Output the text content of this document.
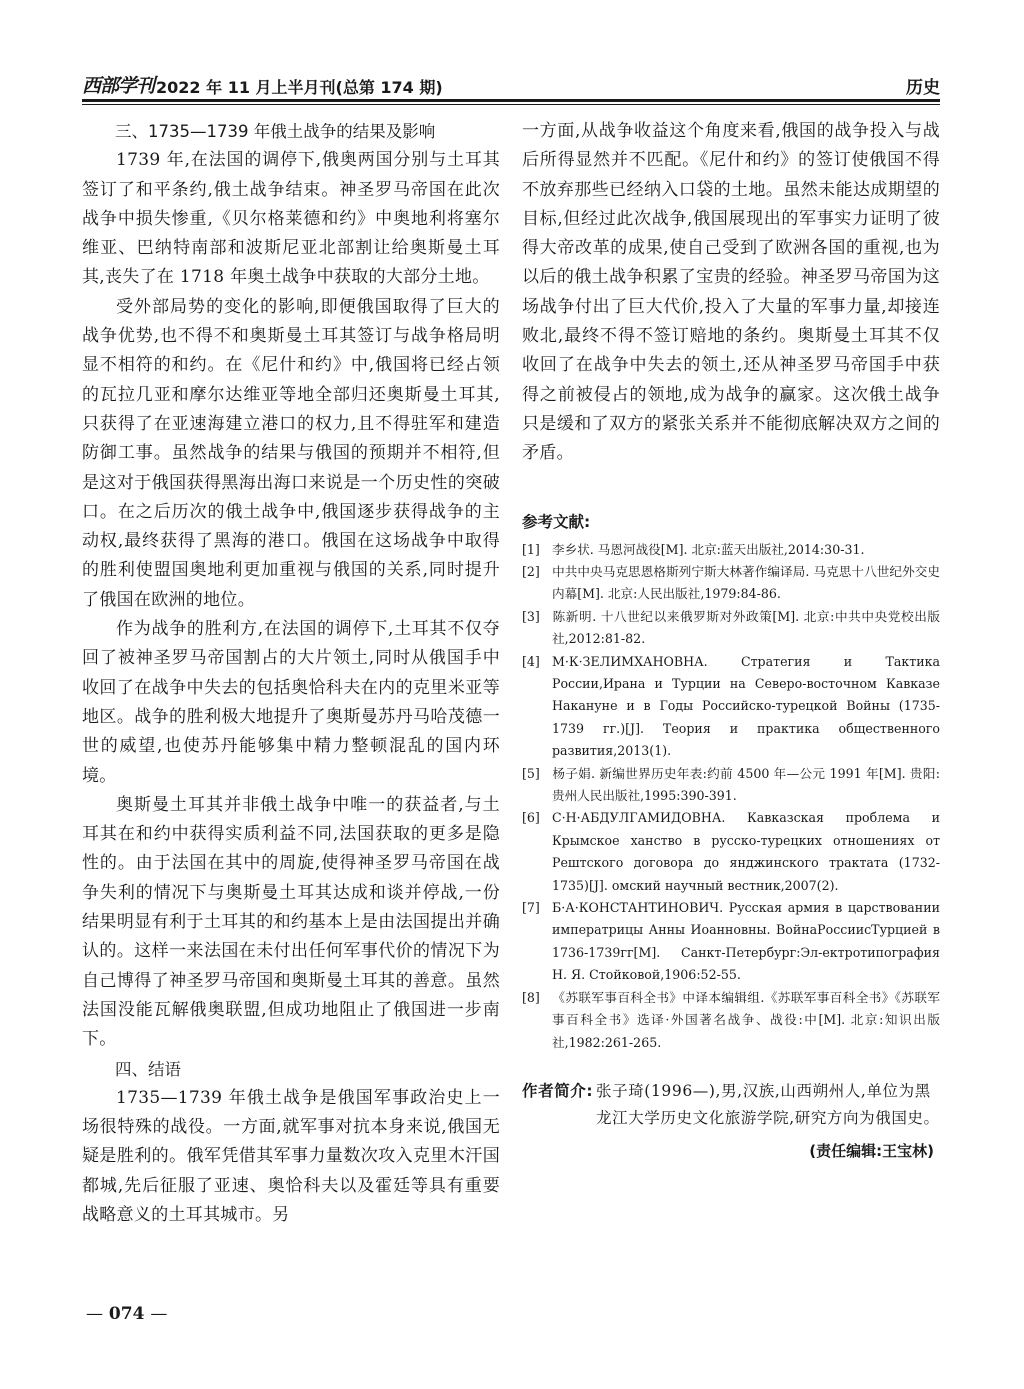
西部学刊 2022 年 11 月上半月刊(总第 174 期)	历史
三、1735—1739 年俄土战争的结果及影响

1739 年,在法国的调停下,俄奥两国分别与土耳其签订了和平条约,俄土战争结束。神圣罗马帝国在此次战争中损失惨重,《贝尔格莱德和约》中奥地利将塞尔维亚、巴纳特南部和波斯尼亚北部割让给奥斯曼土耳其,丧失了在 1718 年奥土战争中获取的大部分土地。

受外部局势的变化的影响,即便俄国取得了巨大的战争优势,也不得不和奥斯曼土耳其签订与战争格局明显不相符的和约。在《尼什和约》中,俄国将已经占领的瓦拉几亚和摩尔达维亚等地全部归还奥斯曼土耳其,只获得了在亚速海建立港口的权力,且不得驻军和建造防御工事。虽然战争的结果与俄国的预期并不相符,但是这对于俄国获得黑海出海口来说是一个历史性的突破口。在之后历次的俄土战争中,俄国逐步获得战争的主动权,最终获得了黑海的港口。俄国在这场战争中取得的胜利使盟国奥地利更加重视与俄国的关系,同时提升了俄国在欧洲的地位。

作为战争的胜利方,在法国的调停下,土耳其不仅夺回了被神圣罗马帝国割占的大片领土,同时从俄国手中收回了在战争中失去的包括奥恰科夫在内的克里米亚等地区。战争的胜利极大地提升了奥斯曼苏丹马哈茂德一世的威望,也使苏丹能够集中精力整顿混乱的国内环境。

奥斯曼土耳其并非俄土战争中唯一的获益者,与土耳其在和约中获得实质利益不同,法国获取的更多是隐性的。由于法国在其中的周旋,使得神圣罗马帝国在战争失利的情况下与奥斯曼土耳其达成和谈并停战,一份结果明显有利于土耳其的和约基本上是由法国提出并确认的。这样一来法国在未付出任何军事代价的情况下为自己博得了神圣罗马帝国和奥斯曼土耳其的善意。虽然法国没能瓦解俄奥联盟,但成功地阻止了俄国进一步南下。

四、结语

1735—1739 年俄土战争是俄国军事政治史上一场很特殊的战役。一方面,就军事对抗本身来说,俄国无疑是胜利的。俄军凭借其军事力量数次攻入克里木汗国都城,先后征服了亚速、奥恰科夫以及霍廷等具有重要战略意义的土耳其城市。另

一方面,从战争收益这个角度来看,俄国的战争投入与战后所得显然并不匹配。《尼什和约》的签订使俄国不得不放弃那些已经纳入口袋的土地。虽然未能达成期望的目标,但经过此次战争,俄国展现出的军事实力证明了彼得大帝改革的成果,使自己受到了欧洲各国的重视,也为以后的俄土战争积累了宝贵的经验。神圣罗马帝国为这场战争付出了巨大代价,投入了大量的军事力量,却接连败北,最终不得不签订赔地的条约。奥斯曼土耳其不仅收回了在战争中失去的领土,还从神圣罗马帝国手中获得之前被侵占的领地,成为战争的赢家。这次俄土战争只是缓和了双方的紧张关系并不能彻底解决双方之间的矛盾。

参考文献:
[1] 李乡状. 马恩河战役[M]. 北京:蓝天出版社,2014:30-31.
[2] 中共中央马克思恩格斯列宁斯大林著作编译局. 马克思十八世纪外交史内幕[M]. 北京:人民出版社,1979:84-86.
[3] 陈新明. 十八世纪以来俄罗斯对外政策[M]. 北京:中共中央党校出版社,2012:81-82.
[4] М·К·ЗЕЛИМХАНОВНА. Стратегия и Тактика России,Ирана и Турции на Северо-восточном Кавказе Накануне и в Годы Российско-турецкой Войны (1735-1739 гг.)[J]. Теория и практика общественного развития,2013(1).
[5] 杨子娟. 新编世界历史年表:约前 4500 年—公元 1991 年[M]. 贵阳:贵州人民出版社,1995:390-391.
[6] С·Н·АБДУЛГАМИДОВНА. Кавказская проблема и Крымское ханство в русско-турецких отношениях от Рештского договора до янджинского трактата (1732-1735)[J]. омский научный вестник,2007(2).
[7] Б·А·КОНСТАНТИНОВИЧ. Русская армия в царствовании императрицы Анны Иоанновны. ВойнаРоссиисТурцией в 1736-1739гг[M]. Санкт-Петербург:Эл-ектротипография Н. Я. Стойковой,1906:52-55.
[8] 《苏联军事百科全书》中译本编辑组.《苏联军事百科全书》《苏联军事百科全书》选译·外国著名战争、战役:中[M]. 北京:知识出版社,1982:261-265.
作者简介: 张子琦(1996—),男,汉族,山西朔州人,单位为黑龙江大学历史文化旅游学院,研究方向为俄国史。
(责任编辑:王宝林)
— 074 —
